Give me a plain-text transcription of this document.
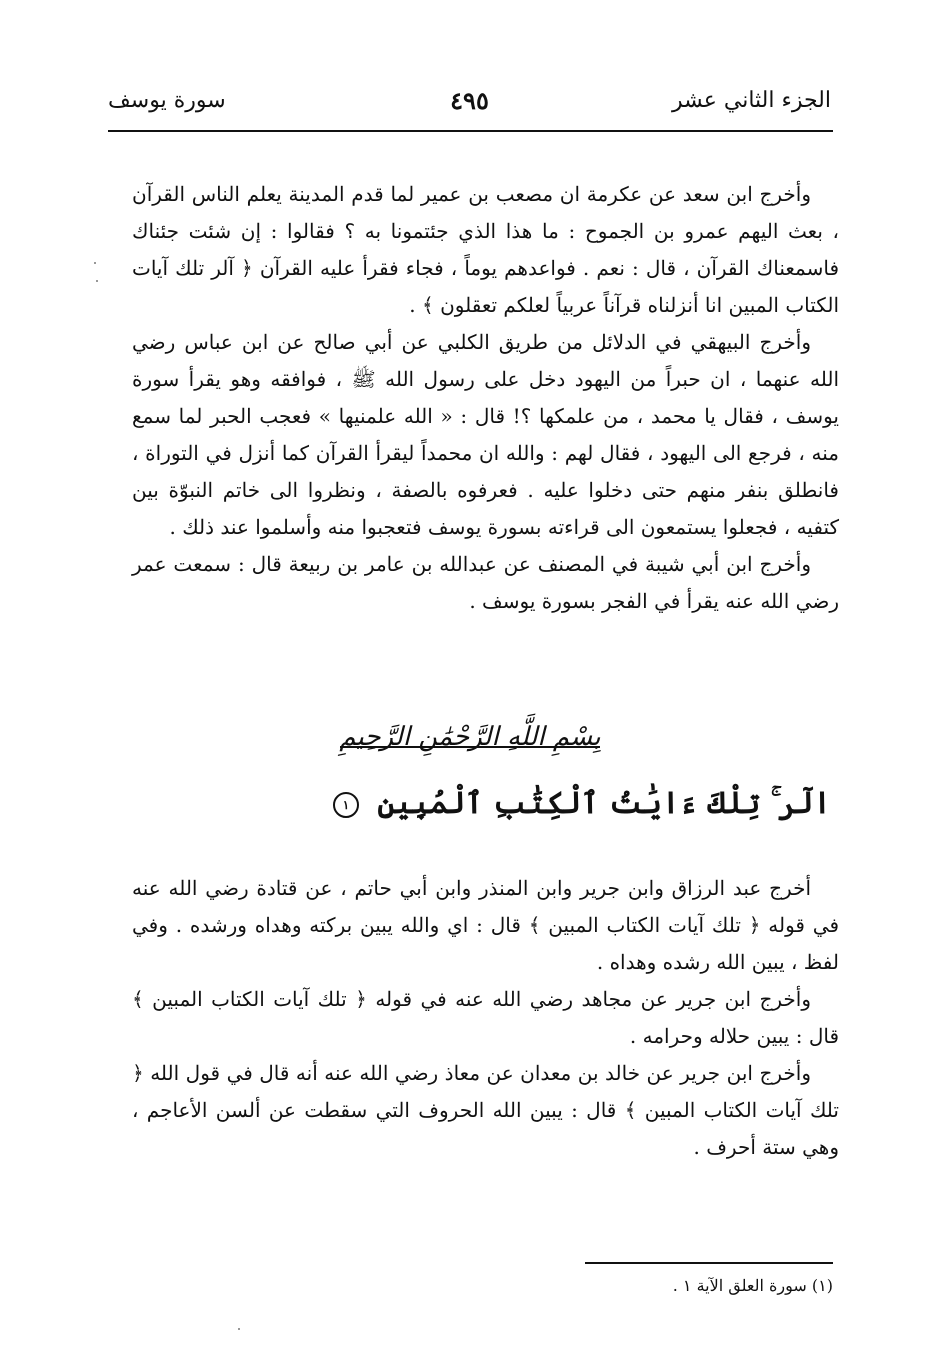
الجزء الثاني عشر
٤٩٥
سورة يوسف

وأخرج ابن سعد عن عكرمة ان مصعب بن عمير لما قدم المدينة يعلم الناس القرآن ، بعث اليهم عمرو بن الجموح : ما هذا الذي جئتمونا به ؟ فقالوا : إن شئت جئناك فاسمعناك القرآن ، قال : نعم . فواعدهم يوماً ، فجاء فقرأ عليه القرآن ﴿ آلر تلك آيات الكتاب المبين انا أنزلناه قرآناً عربياً لعلكم تعقلون ﴾ .

وأخرج البيهقي في الدلائل من طريق الكلبي عن أبي صالح عن ابن عباس رضي الله عنهما ، ان حبراً من اليهود دخل على رسول الله ﷺ ، فوافقه وهو يقرأ سورة يوسف ، فقال يا محمد ، من علمكها ؟! قال : « الله علمنيها » فعجب الحبر لما سمع منه ، فرجع الى اليهود ، فقال لهم : والله ان محمداً ليقرأ القرآن كما أنزل في التوراة ، فانطلق بنفر منهم حتى دخلوا عليه . فعرفوه بالصفة ، ونظروا الى خاتم النبوّة بين كتفيه ، فجعلوا يستمعون الى قراءته بسورة يوسف فتعجبوا منه وأسلموا عند ذلك .

وأخرج ابن أبي شيبة في المصنف عن عبدالله بن عامر بن ربيعة قال : سمعت عمر رضي الله عنه يقرأ في الفجر بسورة يوسف .

بِسْمِ اللَّهِ الرَّحْمَٰنِ الرَّحِيمِ
الٓر ۚ تِلْكَ ءَايَٰتُ ٱلْكِتَٰبِ ٱلْمُبِينِ ١

أخرج عبد الرزاق وابن جرير وابن المنذر وابن أبي حاتم ، عن قتادة رضي الله عنه في قوله ﴿ تلك آيات الكتاب المبين ﴾ قال : اي والله يبين بركته وهداه ورشده . وفي لفظ ، يبين الله رشده وهداه .

وأخرج ابن جرير عن مجاهد رضي الله عنه في قوله ﴿ تلك آيات الكتاب المبين ﴾ قال : يبين حلاله وحرامه .

وأخرج ابن جرير عن خالد بن معدان عن معاذ رضي الله عنه أنه قال في قول الله ﴿ تلك آيات الكتاب المبين ﴾ قال : يبين الله الحروف التي سقطت عن ألسن الأعاجم ، وهي ستة أحرف .

(١) سورة العلق الآية ١ .
